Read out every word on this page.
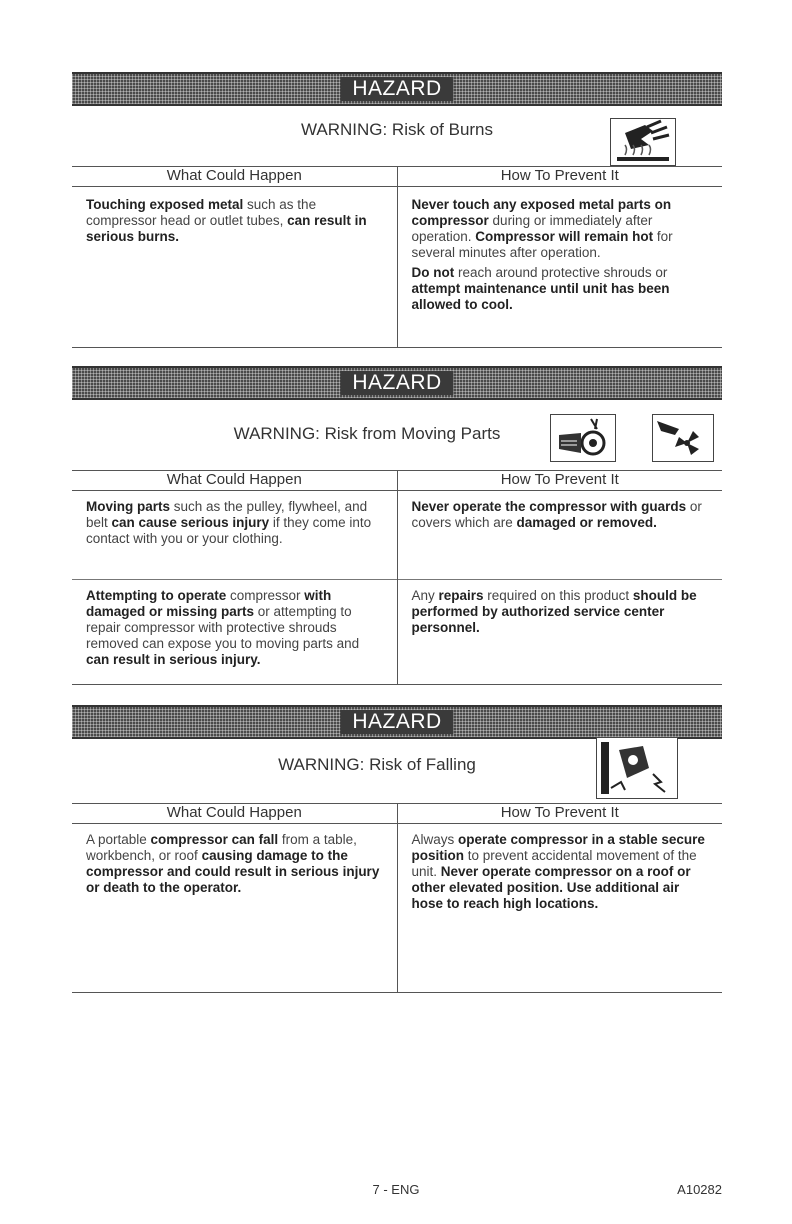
HAZARD
WARNING: Risk of Burns
What Could Happen	How To Prevent It

Touching exposed metal such as the compressor head or outlet tubes, can result in serious burns.	Never touch any exposed metal parts on compressor during or immediately after operation. Compressor will remain hot for several minutes after operation.

Do not reach around protective shrouds or attempt maintenance until unit has been allowed to cool.

HAZARD
WARNING: Risk from Moving Parts
What Could Happen	How To Prevent It

Moving parts such as the pulley, flywheel, and belt can cause serious injury if they come into contact with you or your clothing.	Never operate the compressor with guards or covers which are damaged or removed.

Attempting to operate compressor with damaged or missing parts or attempting to repair compressor with protective shrouds removed can expose you to moving parts and can result in serious injury.	Any repairs required on this product should be performed by authorized service center personnel.

HAZARD
WARNING: Risk of Falling
What Could Happen	How To Prevent It

A portable compressor can fall from a table, workbench, or roof causing damage to the compressor and could result in serious injury or death to the operator.	Always operate compressor in a stable secure position to prevent accidental movement of the unit. Never operate compressor on a roof or other elevated position. Use additional air hose to reach high locations.

7 - ENG	A10282
